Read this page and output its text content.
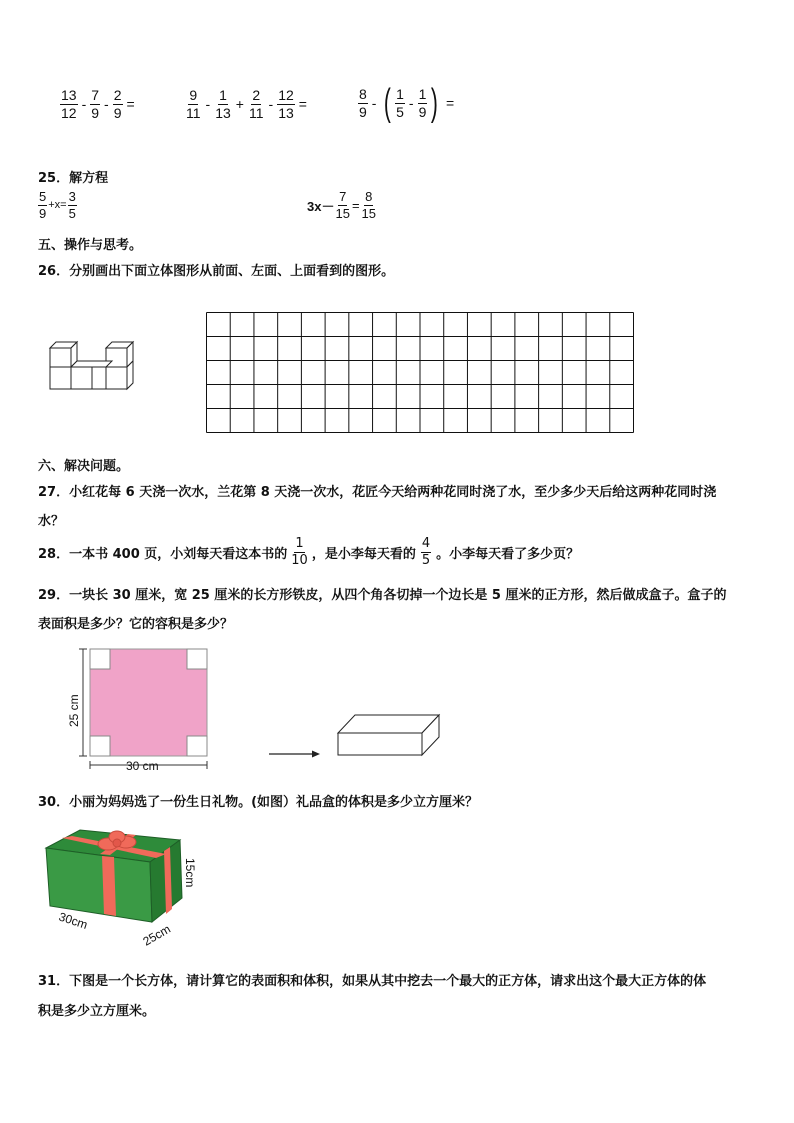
$\frac{13}{12} - \frac{7}{9} - \frac{2}{9}$ =	$\frac{9}{11} - \frac{1}{13} + \frac{2}{11} - \frac{12}{13}$ =	$\frac{8}{9}$ - ( $\frac{1}{5} - \frac{1}{9}$ ) =
25．解方程
$\frac{5}{9} +x= \frac{3}{5}$	$3x- \frac{7}{15} = \frac{8}{15}$
五、操作与思考。
26．分别画出下面立体图形从前面、左面、上面看到的图形。
六、解决问题。
27．小红花每 6 天浇一次水，兰花第 8 天浇一次水，花匠今天给两种花同时浇了水，至少多少天后给这两种花同时浇
水？
28．一本书 400 页，小刘每天看这本书的 $\frac{1}{10}$ ，是小李每天看的 $\frac{4}{5}$ 。小李每天看了多少页？
29．一块长 30 厘米，宽 25 厘米的长方形铁皮，从四个角各切掉一个边长是 5 厘米的正方形，然后做成盒子。盒子的
表面积是多少？它的容积是多少？
25 cm
30 cm
30．小丽为妈妈选了一份生日礼物。(如图）礼品盒的体积是多少立方厘米？
15cm
30cm
25cm
31．下图是一个长方体，请计算它的表面积和体积，如果从其中挖去一个最大的正方体，请求出这个最大正方体的体
积是多少立方厘米。
